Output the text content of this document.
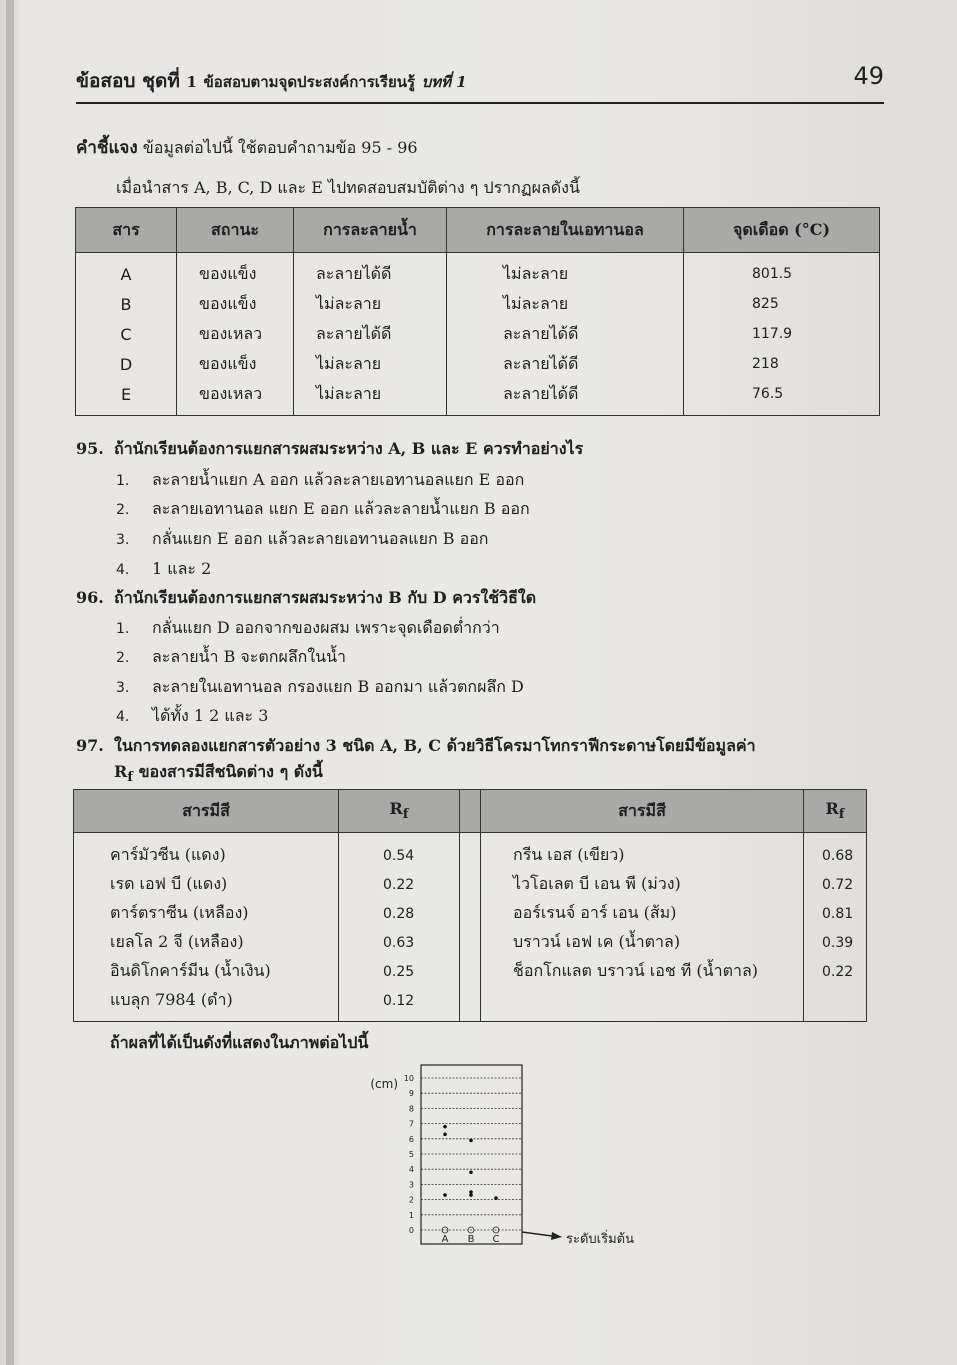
ข้อสอบ ชุดที่ 1 ข้อสอบตามจุดประสงค์การเรียนรู้ บทที่ 1	49
คำชี้แจง ข้อมูลต่อไปนี้ ใช้ตอบคำถามข้อ 95 - 96
เมื่อนำสาร A, B, C, D และ E ไปทดสอบสมบัติต่าง ๆ ปรากฏผลดังนี้
สาร	สถานะ	การละลายน้ำ	การละลายในเอทานอล	จุดเดือด (°C)
A	ของแข็ง	ละลายได้ดี	ไม่ละลาย	801.5
B	ของแข็ง	ไม่ละลาย	ไม่ละลาย	825
C	ของเหลว	ละลายได้ดี	ละลายได้ดี	117.9
D	ของแข็ง	ไม่ละลาย	ละลายได้ดี	218
E	ของเหลว	ไม่ละลาย	ละลายได้ดี	76.5
95. ถ้านักเรียนต้องการแยกสารผสมระหว่าง A, B และ E ควรทำอย่างไร
1. ละลายน้ำแยก A ออก แล้วละลายเอทานอลแยก E ออก
2. ละลายเอทานอล แยก E ออก แล้วละลายน้ำแยก B ออก
3. กลั่นแยก E ออก แล้วละลายเอทานอลแยก B ออก
4. 1 และ 2
96. ถ้านักเรียนต้องการแยกสารผสมระหว่าง B กับ D ควรใช้วิธีใด
1. กลั่นแยก D ออกจากของผสม เพราะจุดเดือดต่ำกว่า
2. ละลายน้ำ B จะตกผลึกในน้ำ
3. ละลายในเอทานอล กรองแยก B ออกมา แล้วตกผลึก D
4. ได้ทั้ง 1 2 และ 3
97. ในการทดลองแยกสารตัวอย่าง 3 ชนิด A, B, C ด้วยวิธีโครมาโทกราฟีกระดาษโดยมีข้อมูลค่า
$R_f$ ของสารมีสีชนิดต่าง ๆ ดังนี้
สารมีสี	$R_f$		สารมีสี	$R_f$
คาร์มัวซีน (แดง)	0.54		กรีน เอส (เขียว)	0.68
เรด เอฟ บี (แดง)	0.22		ไวโอเลต บี เอน พี (ม่วง)	0.72
ตาร์ตราซีน (เหลือง)	0.28		ออร์เรนจ์ อาร์ เอน (ส้ม)	0.81
เยลโล 2 จี (เหลือง)	0.63		บราวน์ เอฟ เค (น้ำตาล)	0.39
อินดิโกคาร์มีน (น้ำเงิน)	0.25		ช็อกโกแลต บราวน์ เอช ที (น้ำตาล)	0.22
แบลุก 7984 (ดำ)	0.12			
ถ้าผลที่ได้เป็นดังที่แสดงในภาพต่อไปนี้
(cm)
0
1
2
3
4
5
6
7
8
9
10
A B C	ระดับเริ่มต้น
